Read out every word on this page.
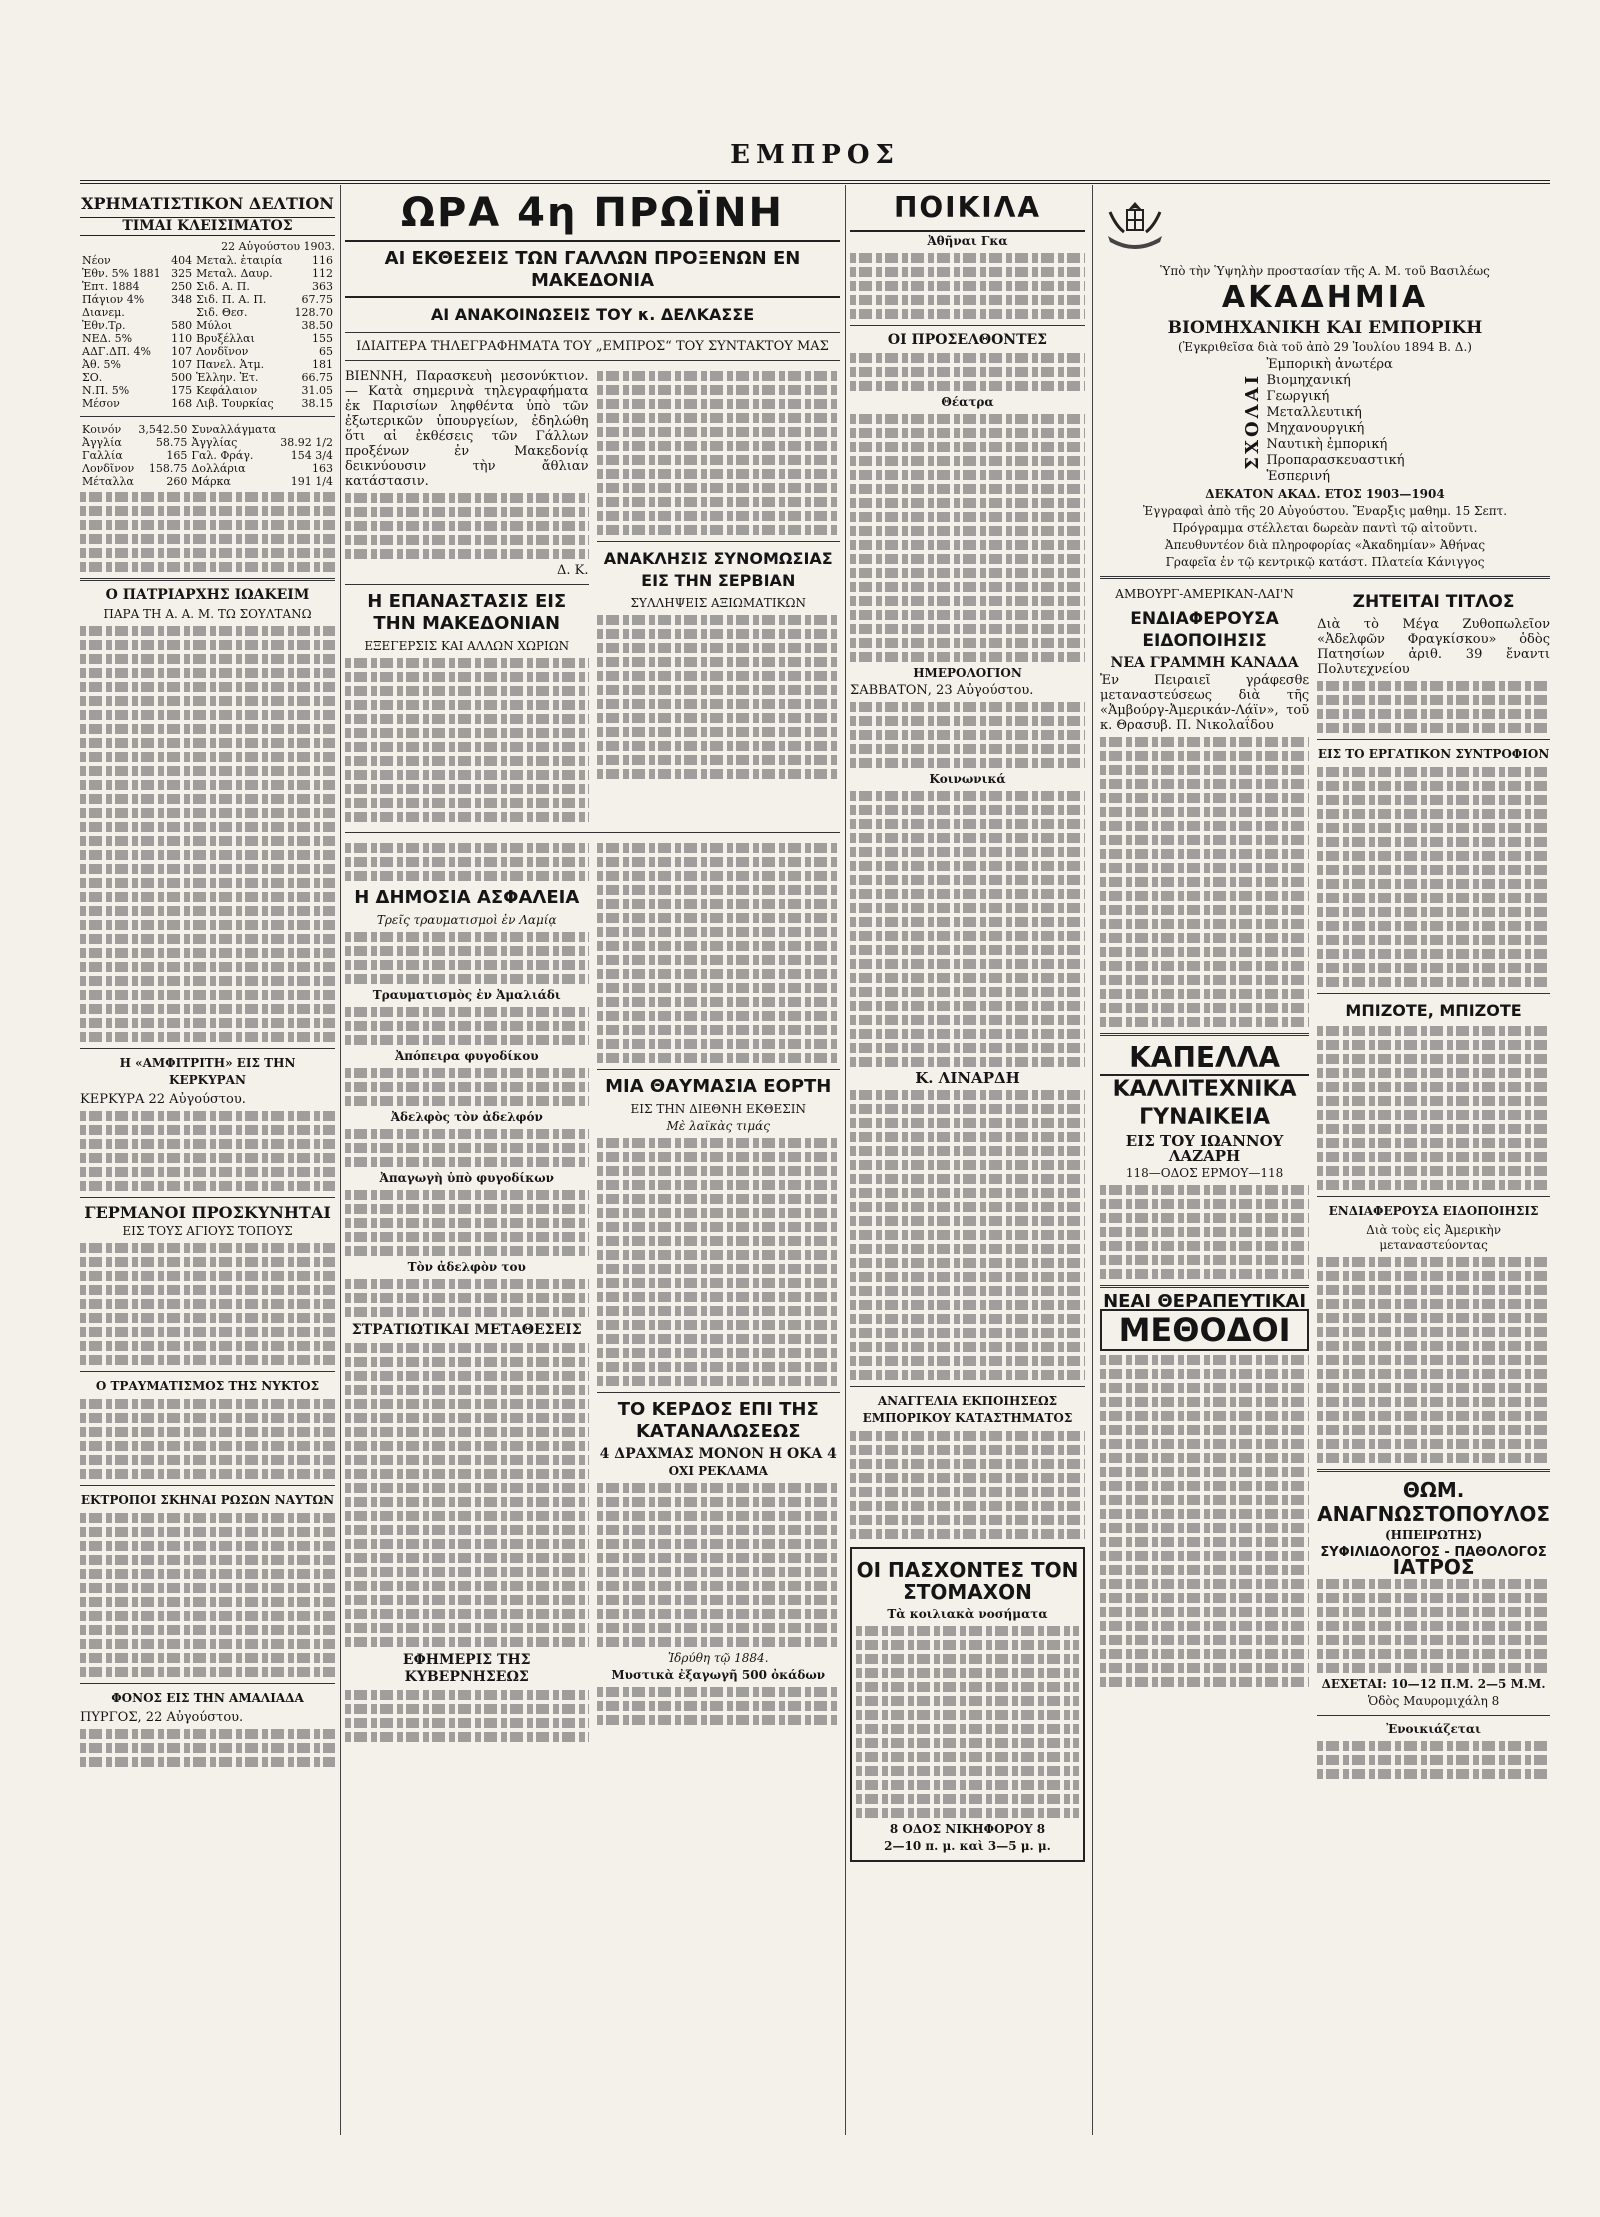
ΕΜΠΡΟΣ
ΧΡΗΜΑΤΙΣΤΙΚΟΝ ΔΕΛΤΙΟΝ
ΤΙΜΑΙ ΚΛΕΙΣΙΜΑΤΟΣ
22 Αὐγούστου 1903.
Νέον	404	Μεταλ. ἑταιρία	116
Ἐθν. 5% 1881	325	Μεταλ. Δαυρ.	112
Ἑπτ. 1884	250	Σιδ. Α. Π.	363
Πάγιον 4%	348	Σιδ. Π. Α. Π.	67.75
Διανεμ.		Σιδ. Θεσ.	128.70
Ἐθν.Τρ.	580	Μύλοι	38.50
ΝΕΔ. 5%	110	Βρυξέλλαι	155
ΑΔΓ.ΔΠ. 4%	107	Λονδῖνον	65
Ἀθ. 5%	107	Πανελ. Ἀτμ.	181
ΣΟ.	500	Ἑλλην. Ἐτ.	66.75
Ν.Π. 5%	175	Κεφάλαιον	31.05
Μέσον	168	Λιβ. Τουρκίας	38.15
Κοινόν	3,542.50	Συναλλάγματα	
Ἀγγλία	58.75	Ἀγγλίας	38.92 1/2
Γαλλία	165	Γαλ. Φράγ.	154 3/4
Λονδῖνον	158.75	Δολλάρια	163
Μέταλλα	260	Μάρκα	191 1/4
Ο ΠΑΤΡΙΑΡΧΗΣ ΙΩΑΚΕΙΜ
ΠΑΡΑ ΤΗ Α. Α. Μ. ΤΩ ΣΟΥΛΤΑΝΩ
Η «ΑΜΦΙΤΡΙΤΗ» ΕΙΣ ΤΗΝ ΚΕΡΚΥΡΑΝ

ΚΕΡΚΥΡΑ 22 Αὐγούστου.

ΓΕΡΜΑΝΟΙ ΠΡΟΣΚΥΝΗΤΑΙ
ΕΙΣ ΤΟΥΣ ΑΓΙΟΥΣ ΤΟΠΟΥΣ
Ο ΤΡΑΥΜΑΤΙΣΜΟΣ ΤΗΣ ΝΥΚΤΟΣ
ΕΚΤΡΟΠΟΙ ΣΚΗΝΑΙ ΡΩΣΩΝ ΝΑΥΤΩΝ
ΦΟΝΟΣ ΕΙΣ ΤΗΝ ΑΜΑΛΙΑΔΑ

ΠΥΡΓΟΣ, 22 Αὐγούστου.

ΩΡΑ 4η ΠΡΩΪΝΗ
ΑΙ ΕΚΘΕΣΕΙΣ ΤΩΝ ΓΑΛΛΩΝ ΠΡΟΞΕΝΩΝ ΕΝ ΜΑΚΕΔΟΝΙΑ
ΑΙ ΑΝΑΚΟΙΝΩΣΕΙΣ ΤΟΥ κ. ΔΕΛΚΑΣΣΕ
ΙΔΙΑΙΤΕΡΑ ΤΗΛΕΓΡΑΦΗΜΑΤΑ ΤΟΥ „ΕΜΠΡΟΣ“ ΤΟΥ ΣΥΝΤΑΚΤΟΥ ΜΑΣ

ΒΙΕΝΝΗ, Παρασκευὴ μεσονύκτιον. — Κατὰ σημερινὰ τηλεγραφήματα ἐκ Παρισίων ληφθέντα ὑπὸ τῶν ἐξωτερικῶν ὑπουργείων, ἐδηλώθη ὅτι αἱ ἐκθέσεις τῶν Γάλλων προξένων ἐν Μακεδονίᾳ δεικνύουσιν τὴν ἄθλιαν κατάστασιν.

Δ. Κ.
Η ΕΠΑΝΑΣΤΑΣΙΣ ΕΙΣ ΤΗΝ ΜΑΚΕΔΟΝΙΑΝ
ΕΞΕΓΕΡΣΙΣ ΚΑΙ ΑΛΛΩΝ ΧΩΡΙΩΝ
ΑΝΑΚΛΗΣΙΣ ΣΥΝΟΜΩΣΙΑΣ ΕΙΣ ΤΗΝ ΣΕΡΒΙΑΝ
ΣΥΛΛΗΨΕΙΣ ΑΞΙΩΜΑΤΙΚΩΝ
Η ΔΗΜΟΣΙΑ ΑΣΦΑΛΕΙΑ
Τρεῖς τραυματισμοὶ ἐν Λαμίᾳ
Τραυματισμὸς ἐν Ἀμαλιάδι
Ἀπόπειρα φυγοδίκου
Ἀδελφὸς τὸν ἀδελφόν
Ἀπαγωγὴ ὑπὸ φυγοδίκων
Τὸν ἀδελφὸν του
ΣΤΡΑΤΙΩΤΙΚΑΙ ΜΕΤΑΘΕΣΕΙΣ
ΕΦΗΜΕΡΙΣ ΤΗΣ ΚΥΒΕΡΝΗΣΕΩΣ
ΜΙΑ ΘΑΥΜΑΣΙΑ ΕΟΡΤΗ
ΕΙΣ ΤΗΝ ΔΙΕΘΝΗ ΕΚΘΕΣΙΝ
Μὲ λαϊκὰς τιμάς
ΤΟ ΚΕΡΔΟΣ ΕΠΙ ΤΗΣ ΚΑΤΑΝΑΛΩΣΕΩΣ
4 ΔΡΑΧΜΑΣ ΜΟΝΟΝ Η ΟΚΑ 4
ΟΧΙ ΡΕΚΛΑΜΑ
Ἱδρύθη τῷ 1884.
Μυστικὰ ἐξαγωγῆ 500 ὀκάδων
ΠΟΙΚΙΛΑ
Ἀθῆναι Γκα
ΟΙ ΠΡΟΣΕΛΘΟΝΤΕΣ
Θέατρα
ΗΜΕΡΟΛΟΓΙΟΝ

ΣΑΒΒΑΤΟΝ, 23 Αὐγούστου.

Κοινωνικά
Κ. ΛΙΝΑΡΔΗ
ΑΝΑΓΓΕΛΙΑ ΕΚΠΟΙΗΣΕΩΣ ΕΜΠΟΡΙΚΟΥ ΚΑΤΑΣΤΗΜΑΤΟΣ
ΟΙ ΠΑΣΧΟΝΤΕΣ ΤΟΝ ΣΤΟΜΑΧΟΝ
Τὰ κοιλιακὰ νοσήματα
8 ΟΔΟΣ ΝΙΚΗΦΟΡΟΥ 8
2—10 π. μ. καὶ 3—5 μ. μ.
Ὑπὸ τὴν Ὑψηλὴν προστασίαν τῆς Α. Μ. τοῦ Βασιλέως
ΑΚΑΔΗΜΙΑ
ΒΙΟΜΗΧΑΝΙΚΗ ΚΑΙ ΕΜΠΟΡΙΚΗ
(Ἐγκριθεῖσα διὰ τοῦ ἀπὸ 29 Ἰουλίου 1894 Β. Δ.)
ΣΧΟΛΑΙ
Ἐμπορικὴ ἀνωτέρα
Βιομηχανική
Γεωργική
Μεταλλευτική
Μηχανουργική
Ναυτικὴ ἐμπορική
Προπαρασκευαστική
Ἑσπερινή
ΔΕΚΑΤΟΝ ΑΚΑΔ. ΕΤΟΣ 1903—1904
Ἐγγραφαὶ ἀπὸ τῆς 20 Αὐγούστου. Ἔναρξις μαθημ. 15 Σεπτ.
Πρόγραμμα στέλλεται δωρεὰν παντὶ τῷ αἰτοῦντι.
Ἀπευθυντέον διὰ πληροφορίας «Ἀκαδημίαν» Ἀθήνας
Γραφεῖα ἐν τῷ κεντρικῷ κατάστ. Πλατεία Κάνιγγος
ΑΜΒΟΥΡΓ-ΑΜΕΡΙΚΑΝ-ΛΑΙ'Ν
ΕΝΔΙΑΦΕΡΟΥΣΑ ΕΙΔΟΠΟΙΗΣΙΣ
ΝΕΑ ΓΡΑΜΜΗ ΚΑΝΑΔΑ

Ἐν Πειραιεῖ γράφεσθε μεταναστεύσεως διὰ τῆς «Ἀμβούργ-Ἀμερικάν-Λάϊν», τοῦ κ. Θρασυβ. Π. Νικολαΐδου

ΚΑΠΕΛΛΑ
ΚΑΛΛΙΤΕΧΝΙΚΑ
ΓΥΝΑΙΚΕΙΑ
ΕΙΣ ΤΟΥ ΙΩΑΝΝΟΥ ΛΑΖΑΡΗ
118—ΟΔΟΣ ΕΡΜΟΥ—118
ΝΕΑΙ ΘΕΡΑΠΕΥΤΙΚΑΙ
ΜΕΘΟΔΟΙ
ΖΗΤΕΙΤΑΙ ΤΙΤΛΟΣ

Διὰ τὸ Μέγα Ζυθοπωλεῖον «Ἀδελφῶν Φραγκίσκου» ὁδὸς Πατησίων ἀριθ. 39 ἔναντι Πολυτεχνείου

ΕΙΣ ΤΟ ΕΡΓΑΤΙΚΟΝ ΣΥΝΤΡΟΦΙΟΝ
ΜΠΙΖΟΤΕ, ΜΠΙΖΟΤΕ
ΕΝΔΙΑΦΕΡΟΥΣΑ ΕΙΔΟΠΟΙΗΣΙΣ
Διὰ τοὺς εἰς Ἀμερικὴν μεταναστεύοντας
ΘΩΜ. ΑΝΑΓΝΩΣΤΟΠΟΥΛΟΣ
(ΗΠΕΙΡΩΤΗΣ)
ΣΥΦΙΛΙΔΟΛΟΓΟΣ - ΠΑΘΟΛΟΓΟΣ
ΙΑΤΡΟΣ
ΔΕΧΕΤΑΙ: 10—12 Π.Μ. 2—5 Μ.Μ.
Ὁδὸς Μαυρομιχάλη 8
Ἐνοικιάζεται
